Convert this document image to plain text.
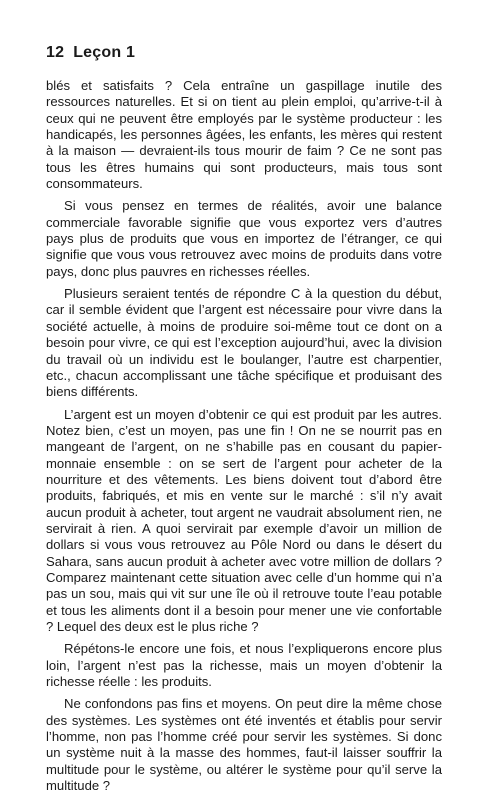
12 Leçon 1

blés et satisfaits ? Cela entraîne un gaspillage inutile des ressources naturelles. Et si on tient au plein emploi, qu’arrive-t-il à ceux qui ne peuvent être employés par le système producteur : les handicapés, les personnes âgées, les enfants, les mères qui restent à la maison — devraient-ils tous mourir de faim ? Ce ne sont pas tous les êtres humains qui sont producteurs, mais tous sont consommateurs.

Si vous pensez en termes de réalités, avoir une balance commerciale favorable signifie que vous exportez vers d’autres pays plus de produits que vous en importez de l’étranger, ce qui signifie que vous vous retrouvez avec moins de produits dans votre pays, donc plus pauvres en richesses réelles.

Plusieurs seraient tentés de répondre C à la question du début, car il semble évident que l’argent est nécessaire pour vivre dans la société actuelle, à moins de produire soi-même tout ce dont on a besoin pour vivre, ce qui est l’exception aujourd’hui, avec la division du travail où un individu est le boulanger, l’autre est charpentier, etc., chacun accomplissant une tâche spécifique et produisant des biens différents.

L’argent est un moyen d’obtenir ce qui est produit par les autres. Notez bien, c’est un moyen, pas une fin ! On ne se nourrit pas en mangeant de l’argent, on ne s’habille pas en cousant du papier-monnaie ensemble : on se sert de l’argent pour acheter de la nourriture et des vêtements. Les biens doivent tout d’abord être produits, fabriqués, et mis en vente sur le marché : s’il n’y avait aucun produit à acheter, tout argent ne vaudrait absolument rien, ne servirait à rien. A quoi servirait par exemple d’avoir un million de dollars si vous vous retrouvez au Pôle Nord ou dans le désert du Sahara, sans aucun produit à acheter avec votre million de dollars ? Comparez maintenant cette situation avec celle d’un homme qui n’a pas un sou, mais qui vit sur une île où il retrouve toute l’eau potable et tous les aliments dont il a besoin pour mener une vie confortable ? Lequel des deux est le plus riche ?

Répétons-le encore une fois, et nous l’expliquerons encore plus loin, l’argent n’est pas la richesse, mais un moyen d’obtenir la richesse réelle : les produits.

Ne confondons pas fins et moyens. On peut dire la même chose des systèmes. Les systèmes ont été inventés et établis pour servir l’homme, non pas l’homme créé pour servir les systèmes. Si donc un système nuit à la masse des hommes, faut-il laisser souffrir la multitude pour le système, ou altérer le système pour qu’il serve la multitude ?
